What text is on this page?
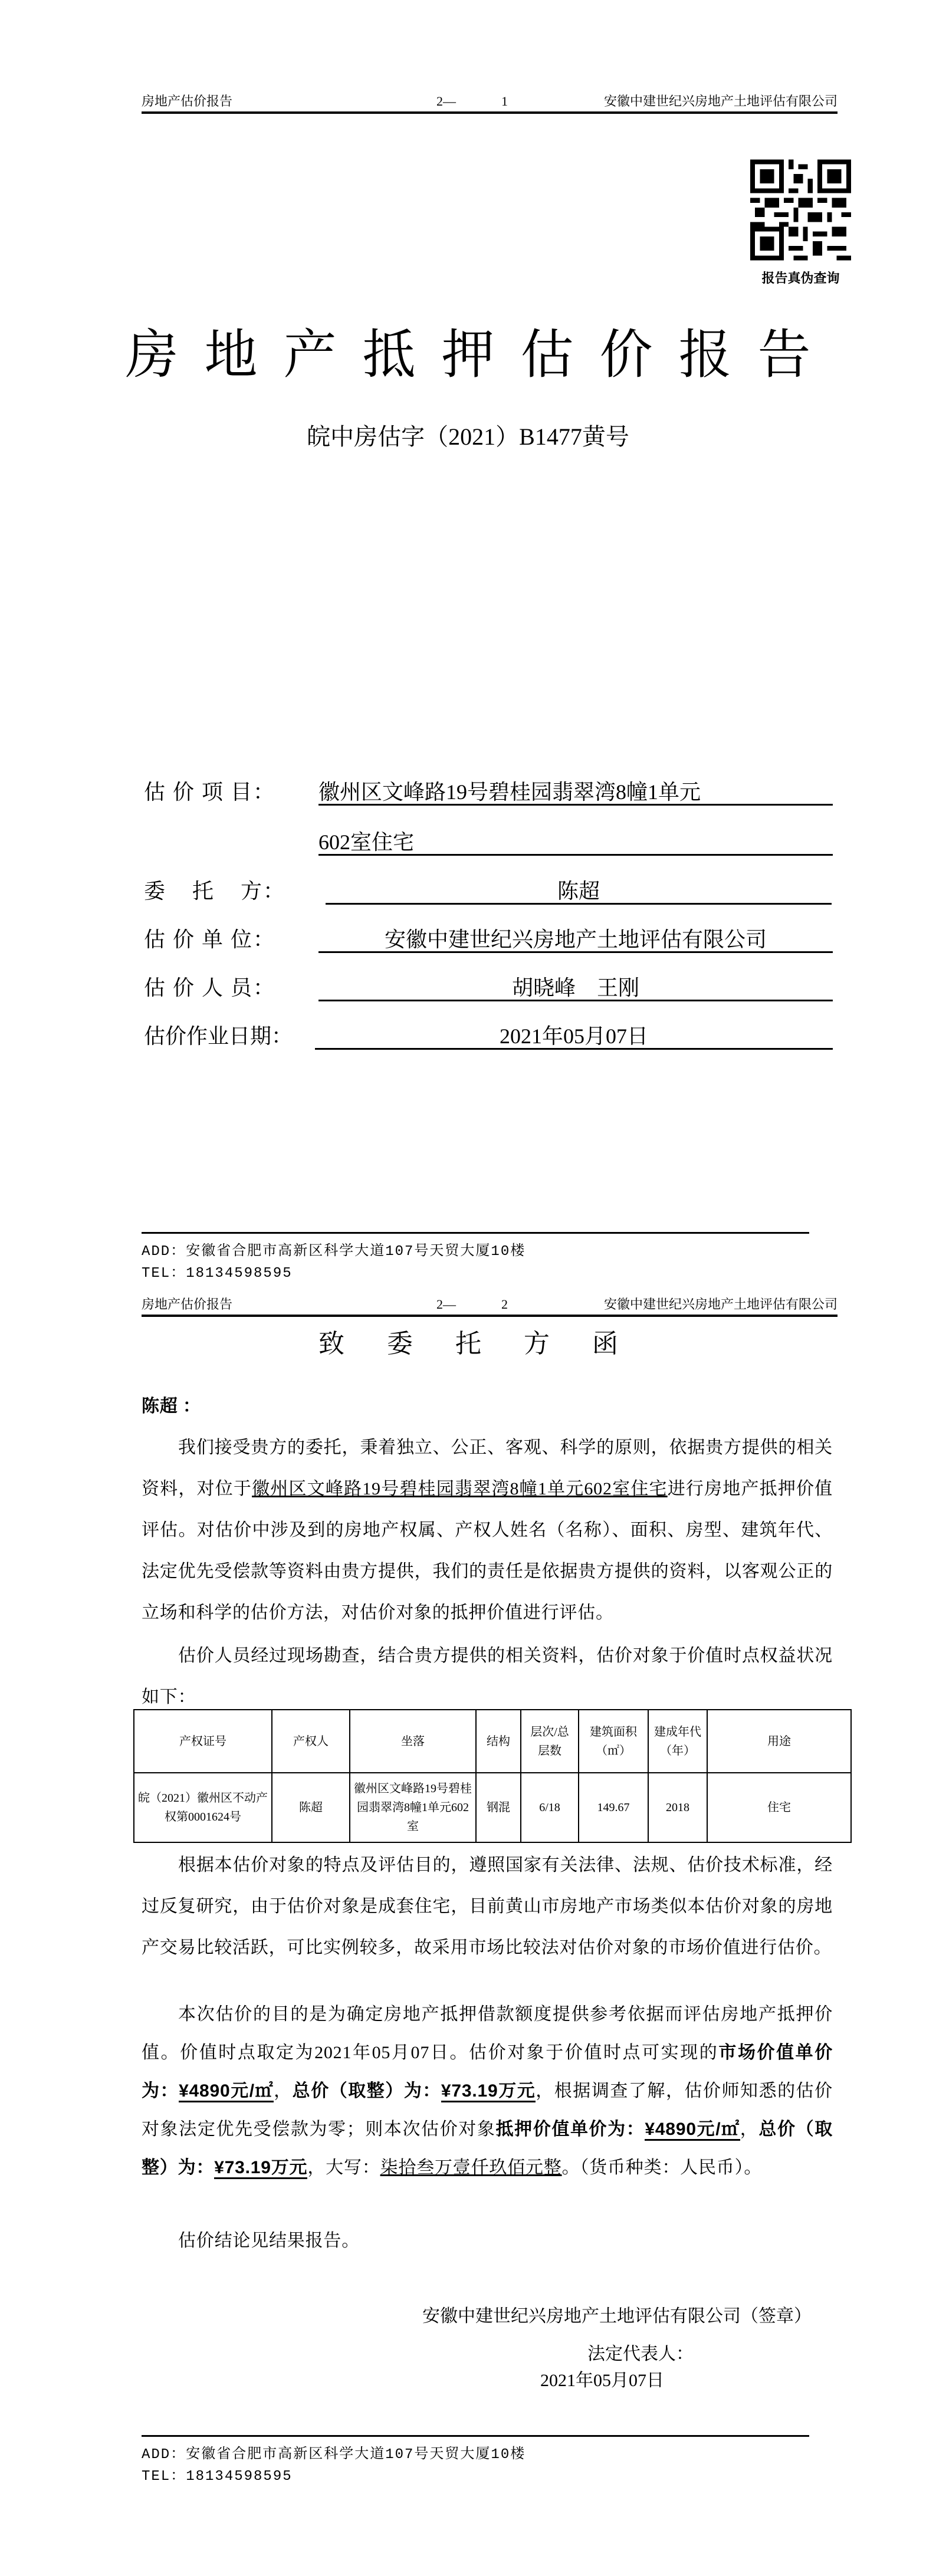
房地产估价报告	2—	1	安徽中建世纪兴房地产土地评估有限公司
报告真伪查询
房地产抵押估价报告
皖中房估字（2021）B1477黄号
估 价 项 目： 徽州区文峰路19号碧桂园翡翠湾8幢1单元
602室住宅
委    托    方：	陈超
估 价 单 位：	安徽中建世纪兴房地产土地评估有限公司
估 价 人 员：	胡晓峰    王刚
估价作业日期：	2021年05月07日
ADD：安徽省合肥市高新区科学大道107号天贸大厦10楼
TEL：18134598595
房地产估价报告	2—	2	安徽中建世纪兴房地产土地评估有限公司
致委托方函
陈超 ：
我们接受贵方的委托，秉着独立、公正、客观、科学的原则，依据贵方提供的相关资料，对位于徽州区文峰路19号碧桂园翡翠湾8幢1单元602室住宅进行房地产抵押价值评估。对估价中涉及到的房地产权属、产权人姓名（名称）、面积、房型、建筑年代、法定优先受偿款等资料由贵方提供，我们的责任是依据贵方提供的资料，以客观公正的立场和科学的估价方法，对估价对象的抵押价值进行评估。
估价人员经过现场勘查，结合贵方提供的相关资料，估价对象于价值时点权益状况如下：
产权证号	产权人	坐落	结构	层次/总层数	建筑面积（㎡）	建成年代（年）	用途
皖（2021）徽州区不动产权第0001624号	陈超	徽州区文峰路19号碧桂园翡翠湾8幢1单元602室	钢混	6/18	149.67	2018	住宅
根据本估价对象的特点及评估目的，遵照国家有关法律、法规、估价技术标准，经过反复研究，由于估价对象是成套住宅，目前黄山市房地产市场类似本估价对象的房地产交易比较活跃，可比实例较多，故采用市场比较法对估价对象的市场价值进行估价。
本次估价的目的是为确定房地产抵押借款额度提供参考依据而评估房地产抵押价值。价值时点取定为2021年05月07日。估价对象于价值时点可实现的市场价值单价为：¥4890元/㎡，总价（取整）为：¥73.19万元，根据调查了解，估价师知悉的估价对象法定优先受偿款为零；则本次估价对象抵押价值单价为：¥4890元/㎡，总价（取整）为：¥73.19万元，大写：柒拾叁万壹仟玖佰元整。（货币种类：人民币）。
估价结论见结果报告。
安徽中建世纪兴房地产土地评估有限公司（签章）
法定代表人：
2021年05月07日
ADD：安徽省合肥市高新区科学大道107号天贸大厦10楼
TEL：18134598595
